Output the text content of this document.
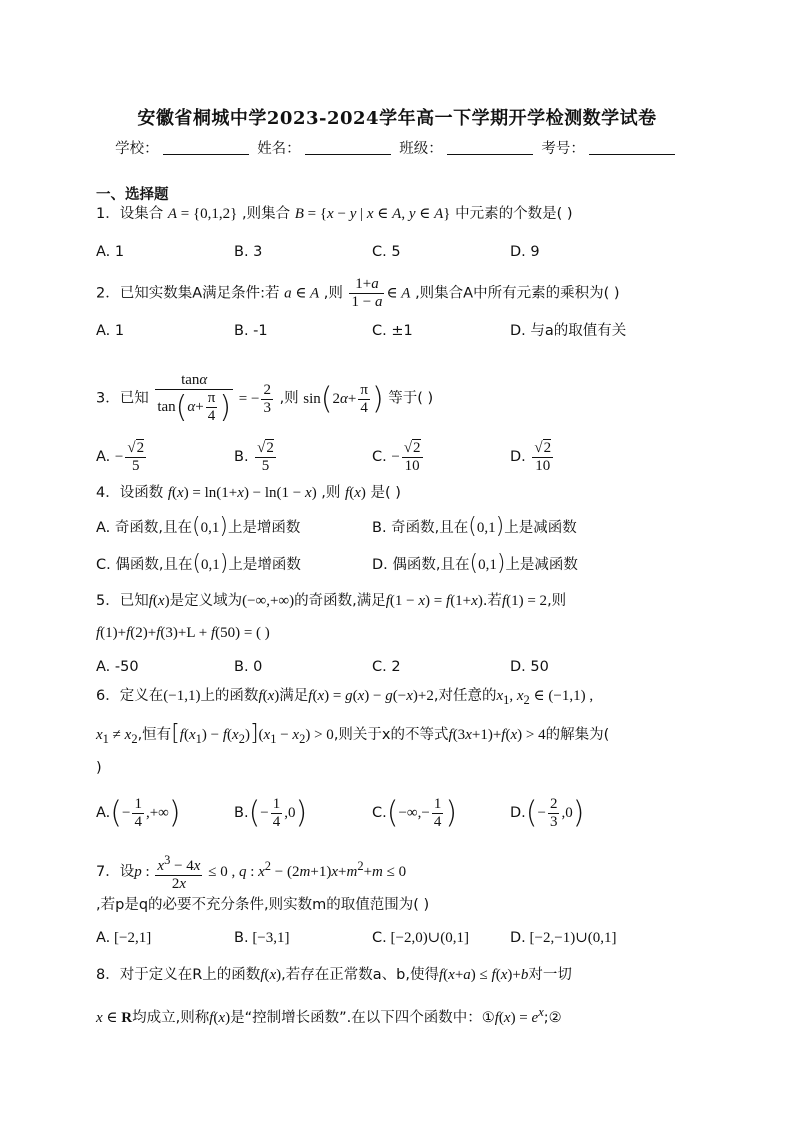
安徽省桐城中学2023-2024学年高一下学期开学检测数学试卷
学校：	姓名：	班级：	考号：
一、选择题
1．设集合 A = {0,1,2} ,则集合 B = {x − y | x ∈ A, y ∈ A} 中元素的个数是( )
A. 1	B. 3	C. 5	D. 9
2．已知实数集A满足条件:若 a ∈ A ,则 $\frac{1+a}{1 - a}$ ∈ A ,则集合A中所有元素的乘积为( )
A. 1	B. -1	C. ±1	D. 与a的取值有关
3．已知 $\frac{\tan\alpha}{\tan(\alpha+ \frac{\pi}{4} )}$ = − $\frac{2}{3}$ ,则 $\sin(2\alpha+ \frac{\pi}{4}$ ) 等于( )
A. − $\frac{√2}{5}$	B. $\frac{√2}{5}$	C. − $\frac{√2}{10}$	D. $\frac{√2}{10}$
4．设函数 f(x) = ln(1+x) − ln(1 − x) ,则 f(x) 是( )
A. 奇函数,且在(0,1)上是增函数	B. 奇函数,且在(0,1)上是减函数
C. 偶函数,且在(0,1)上是增函数	D. 偶函数,且在(0,1)上是减函数
5．已知f(x)是定义域为(−∞,+∞)的奇函数,满足f(1 − x) = f(1+x).若f(1) = 2,则
f(1)+f(2)+f(3)+L + f(50) = ( )
A. -50	B. 0	C. 2	D. 50
6．定义在(−1,1)上的函数f(x)满足f(x) = g(x) − g(−x)+2,对任意的$x_1$, $x_2$ ∈ (−1,1) ,
$x_1 \ne x_2$,恒有$[f(x_1) - f(x_2)](x_1 - x_2) > 0$,则关于x的不等式f(3x+1)+f(x) > 4的解集为(
)
$A.(- \frac{1}{4}$ ,+∞)	$B.(- \frac{1}{4} ,0)$	$C.(-\infty,- \frac{1}{4}$ )	$D.(- \frac{2}{3} ,0)$
7．设p : $\frac{x^3 - 4x}{2x} \le 0$ , q : $x^2 - (2m+1)x+m^2+m \le 0$
,若p是q的必要不充分条件,则实数m的取值范围为( )
A. [−2,1]	B. [−3,1]	C. [−2,0)∪(0,1]	D. [−2,−1)∪(0,1]
8．对于定义在R上的函数f(x),若存在正常数a、b,使得f(x+a) ≤ f(x)+b对一切
x ∈ R均成立,则称f(x)是“控制增长函数”.在以下四个函数中：①f(x) = $e^x;②$
